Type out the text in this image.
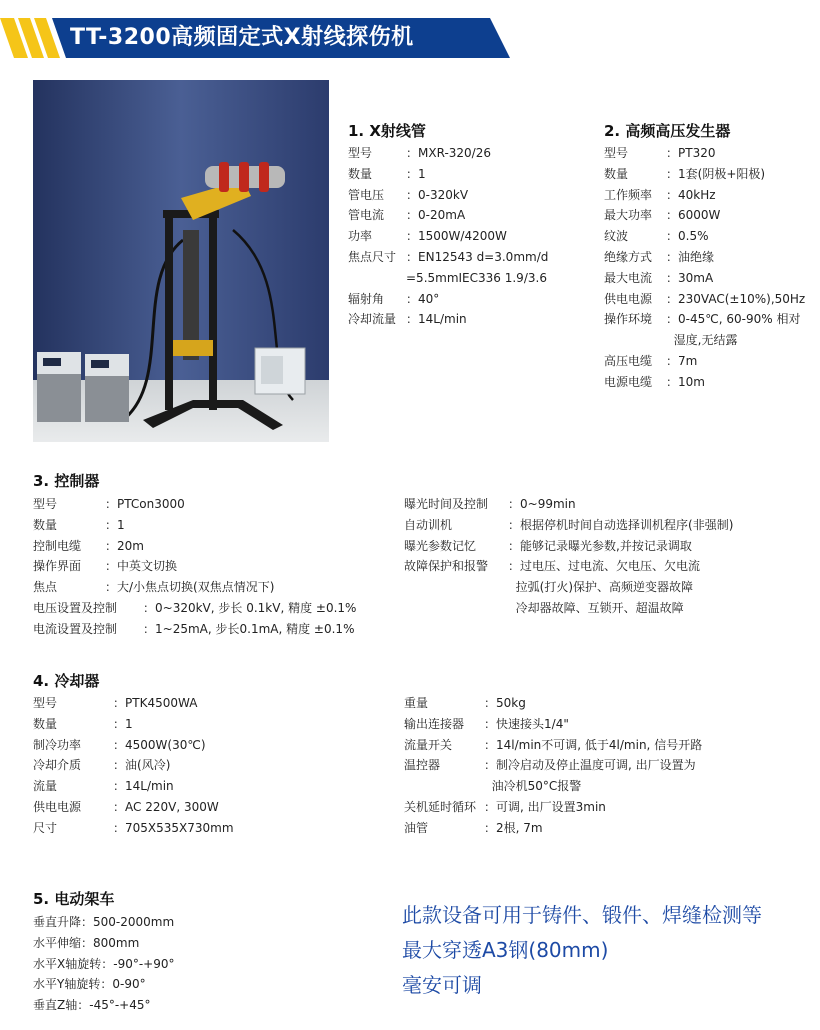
TT-3200高频固定式X射线探伤机
1. X射线管
型号	：MXR-320/26
数量	：1
管电压	：0-320kV
管电流	：0-20mA
功率	：1500W/4200W
焦点尺寸 ：EN12543 d=3.0mm/d
=5.5mmIEC336 1.9/3.6
辐射角	：40°
冷却流量 ：14L/min
2. 高频高压发生器
型号	：PT320
数量	：1套(阴极+阳极)
工作频率	：40kHz
最大功率	：6000W
纹波	：0.5%
绝缘方式	：油绝缘
最大电流	：30mA
供电电源	：230VAC(±10%),50Hz
操作环境	：0-45℃, 60-90% 相对
湿度,无结露
高压电缆	：7m
电源电缆	：10m
3. 控制器
型号	：PTCon3000
数量	：1
控制电缆	：20m
操作界面	：中英文切换
焦点	：大/小焦点切换(双焦点情况下)
电压设置及控制	：0~320kV, 步长 0.1kV, 精度 ±0.1%
电流设置及控制	：1~25mA, 步长0.1mA, 精度 ±0.1%
曝光时间及控制	：0~99min
自动训机	：根据停机时间自动选择训机程序(非强制)
曝光参数记忆	：能够记录曝光参数,并按记录调取
故障保护和报警	：过电压、过电流、欠电压、欠电流
拉弧(打火)保护、高频逆变器故障
冷却器故障、互锁开、超温故障
4. 冷却器
型号	：PTK4500WA
数量	：1
制冷功率	：4500W(30℃)
冷却介质	：油(风冷)
流量	：14L/min
供电电源	：AC 220V, 300W
尺寸	：705X535X730mm
重量	：50kg
输出连接器	：快速接头1/4"
流量开关	：14l/min不可调, 低于4l/min, 信号开路
温控器	：制冷启动及停止温度可调, 出厂设置为
油冷机50°C报警
关机延时循环 ：可调, 出厂设置3min
油管	：2根, 7m
5. 电动架车
垂直升降 ：500-2000mm
水平伸缩 ：800mm
水平X轴旋转 ：-90°-+90°
水平Y轴旋转 ：0-90°
垂直Z轴 ：-45°-+45°
此款设备可用于铸件、锻件、焊缝检测等
最大穿透A3钢(80mm)
毫安可调
